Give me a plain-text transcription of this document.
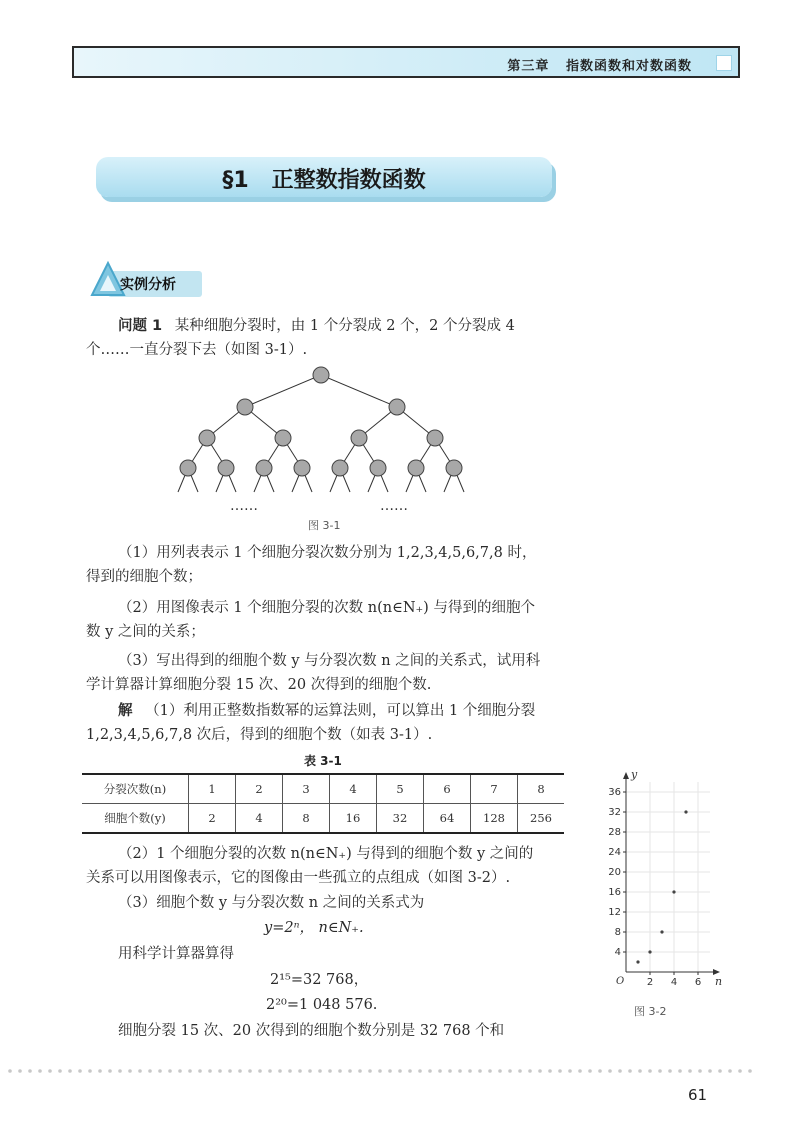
第三章 指数函数和对数函数
§1 正整数指数函数
实例分析
问题 1 某种细胞分裂时，由 1 个分裂成 2 个，2 个分裂成 4
个……一直分裂下去（如图 3-1）.
……	……
图 3-1
（1）用列表表示 1 个细胞分裂次数分别为 1,2,3,4,5,6,7,8 时，
得到的细胞个数；
（2）用图像表示 1 个细胞分裂的次数 n(n∈N₊) 与得到的细胞个
数 y 之间的关系；
（3）写出得到的细胞个数 y 与分裂次数 n 之间的关系式，试用科
学计算器计算细胞分裂 15 次、20 次得到的细胞个数.
解 （1）利用正整数指数幂的运算法则，可以算出 1 个细胞分裂
1,2,3,4,5,6,7,8 次后，得到的细胞个数（如表 3-1）.
表 3-1
分裂次数(n)	1	2	3	4	5	6	7	8
细胞个数(y)	2	4	8	16	32	64	128	256
（2）1 个细胞分裂的次数 n(n∈N₊) 与得到的细胞个数 y 之间的
关系可以用图像表示，它的图像由一些孤立的点组成（如图 3-2）.
（3）细胞个数 y 与分裂次数 n 之间的关系式为
y=2ⁿ， n∈N₊.
用科学计算器算得
2¹⁵=32 768，
2²⁰=1 048 576.
细胞分裂 15 次、20 次得到的细胞个数分别是 32 768 个和
4
8
12
16
20
24
28
32
36
2 4 6
O	n
y
图 3-2
61
